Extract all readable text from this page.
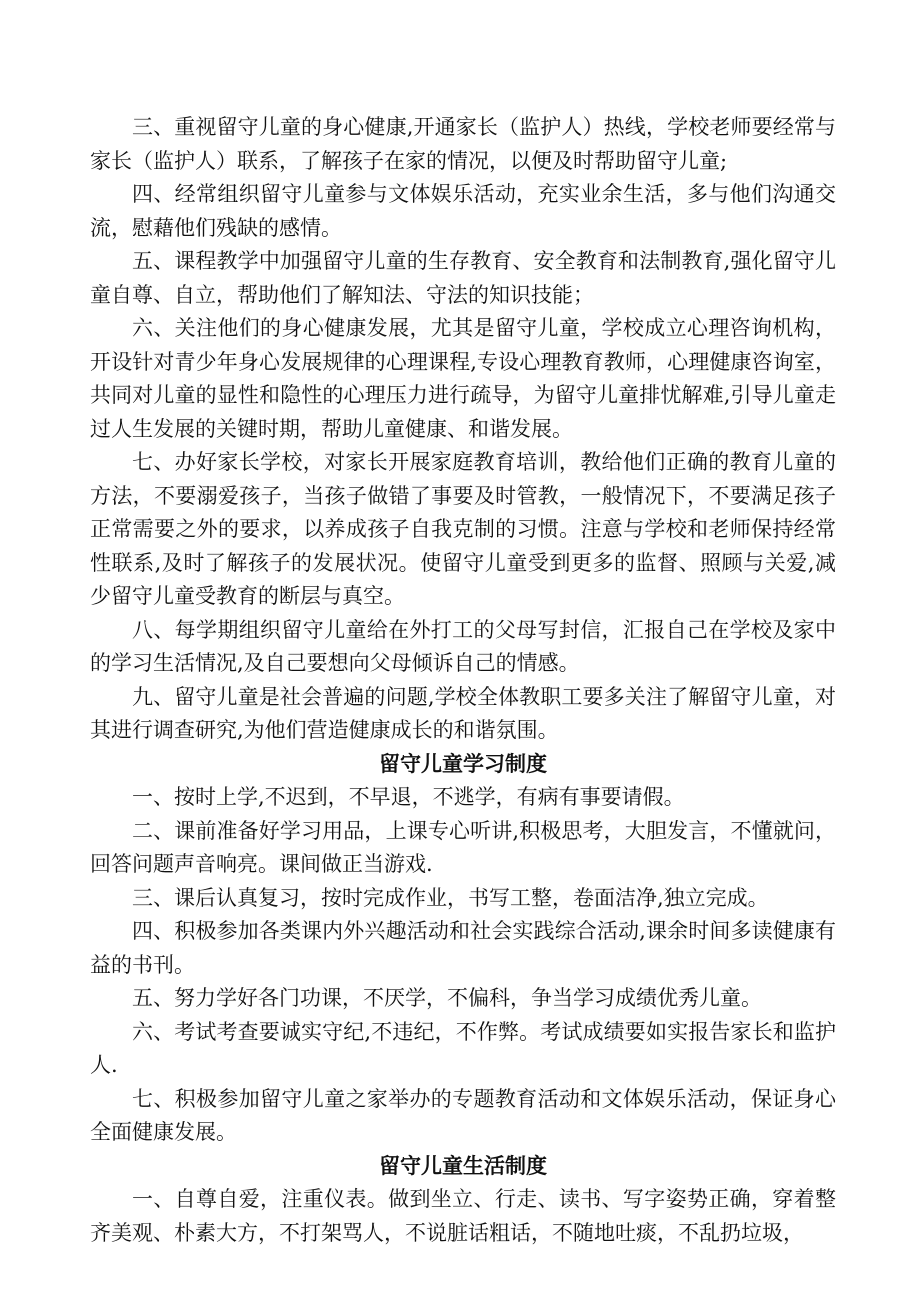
三、重视留守儿童的身心健康,开通家长（监护人）热线，学校老师要经常与家长（监护人）联系，了解孩子在家的情况，以便及时帮助留守儿童;

四、经常组织留守儿童参与文体娱乐活动，充实业余生活，多与他们沟通交流，慰藉他们残缺的感情。

五、课程教学中加强留守儿童的生存教育、安全教育和法制教育,强化留守儿童自尊、自立，帮助他们了解知法、守法的知识技能；

六、关注他们的身心健康发展，尤其是留守儿童，学校成立心理咨询机构，开设针对青少年身心发展规律的心理课程,专设心理教育教师，心理健康咨询室，共同对儿童的显性和隐性的心理压力进行疏导，为留守儿童排忧解难,引导儿童走过人生发展的关键时期，帮助儿童健康、和谐发展。

七、办好家长学校，对家长开展家庭教育培训，教给他们正确的教育儿童的方法，不要溺爱孩子，当孩子做错了事要及时管教，一般情况下，不要满足孩子正常需要之外的要求，以养成孩子自我克制的习惯。注意与学校和老师保持经常性联系,及时了解孩子的发展状况。使留守儿童受到更多的监督、照顾与关爱,减少留守儿童受教育的断层与真空。

八、每学期组织留守儿童给在外打工的父母写封信，汇报自己在学校及家中的学习生活情况,及自己要想向父母倾诉自己的情感。

九、留守儿童是社会普遍的问题,学校全体教职工要多关注了解留守儿童，对其进行调查研究,为他们营造健康成长的和谐氛围。

留守儿童学习制度

一、按时上学,不迟到，不早退，不逃学，有病有事要请假。

二、课前准备好学习用品，上课专心听讲,积极思考，大胆发言，不懂就问，回答问题声音响亮。课间做正当游戏.

三、课后认真复习，按时完成作业，书写工整，卷面洁净,独立完成。

四、积极参加各类课内外兴趣活动和社会实践综合活动,课余时间多读健康有益的书刊。

五、努力学好各门功课，不厌学，不偏科，争当学习成绩优秀儿童。

六、考试考查要诚实守纪,不违纪，不作弊。考试成绩要如实报告家长和监护人.

七、积极参加留守儿童之家举办的专题教育活动和文体娱乐活动，保证身心全面健康发展。

留守儿童生活制度

一、自尊自爱，注重仪表。做到坐立、行走、读书、写字姿势正确，穿着整齐美观、朴素大方，不打架骂人，不说脏话粗话，不随地吐痰，不乱扔垃圾，
